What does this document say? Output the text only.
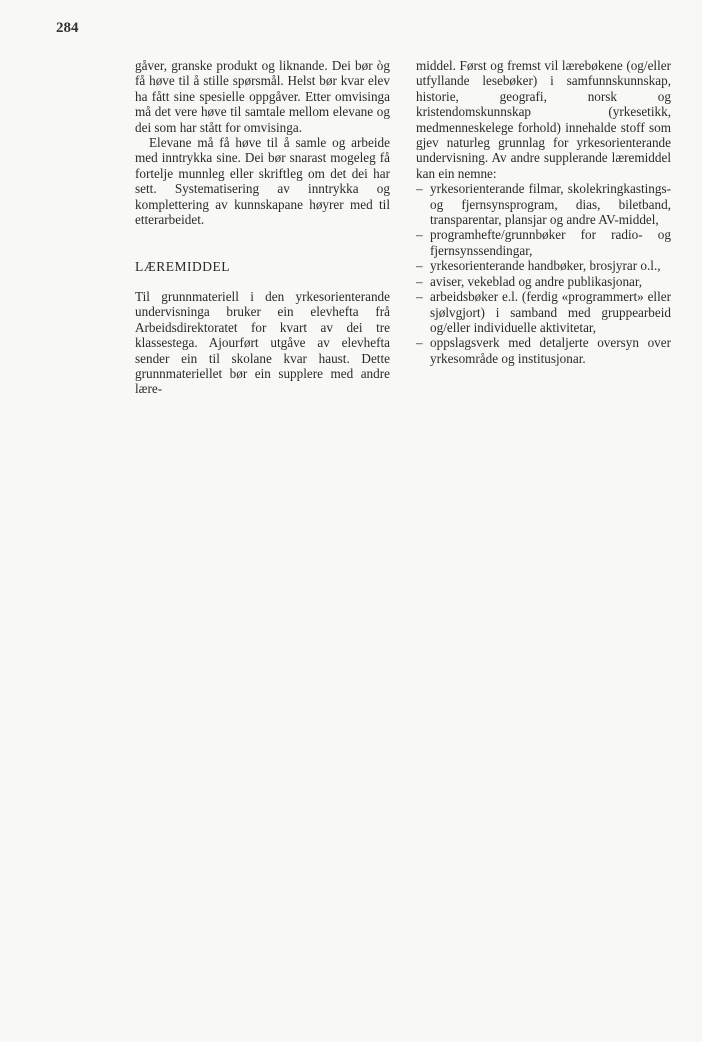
284

gåver, granske produkt og liknande. Dei bør òg få høve til å stille spørsmål. Helst bør kvar elev ha fått sine spesielle oppgåver. Etter omvisinga må det vere høve til samtale mellom elevane og dei som har stått for omvisinga.

Elevane må få høve til å samle og arbeide med inntrykka sine. Dei bør snarast mogeleg få fortelje munnleg eller skriftleg om det dei har sett. Systematisering av inntrykka og komplettering av kunnskapane høyrer med til etterarbeidet.

LÆREMIDDEL

Til grunnmateriell i den yrkesorienterande undervisninga bruker ein elevhefta frå Arbeidsdirektoratet for kvart av dei tre klassestega. Ajourført utgåve av elevhefta sender ein til skolane kvar haust. Dette grunnmateriellet bør ein supplere med andre lære-

middel. Først og fremst vil lærebøkene (og/eller utfyllande lesebøker) i samfunnskunnskap, historie, geografi, norsk og kristendomskunnskap (yrkesetikk, medmenneskelege forhold) innehalde stoff som gjev naturleg grunnlag for yrkesorienterande undervisning. Av andre supplerande læremiddel kan ein nemne:

– yrkesorienterande filmar, skolekringkastings- og fjernsynsprogram, dias, biletband, transparentar, plansjar og andre AV-middel,
– programhefte/grunnbøker for radio- og fjernsynssendingar,
– yrkesorienterande handbøker, brosjyrar o.l.,
– aviser, vekeblad og andre publikasjonar,
– arbeidsbøker e.l. (ferdig «programmert» eller sjølvgjort) i samband med gruppearbeid og/eller individuelle aktivitetar,
– oppslagsverk med detaljerte oversyn over yrkesområde og institusjonar.
